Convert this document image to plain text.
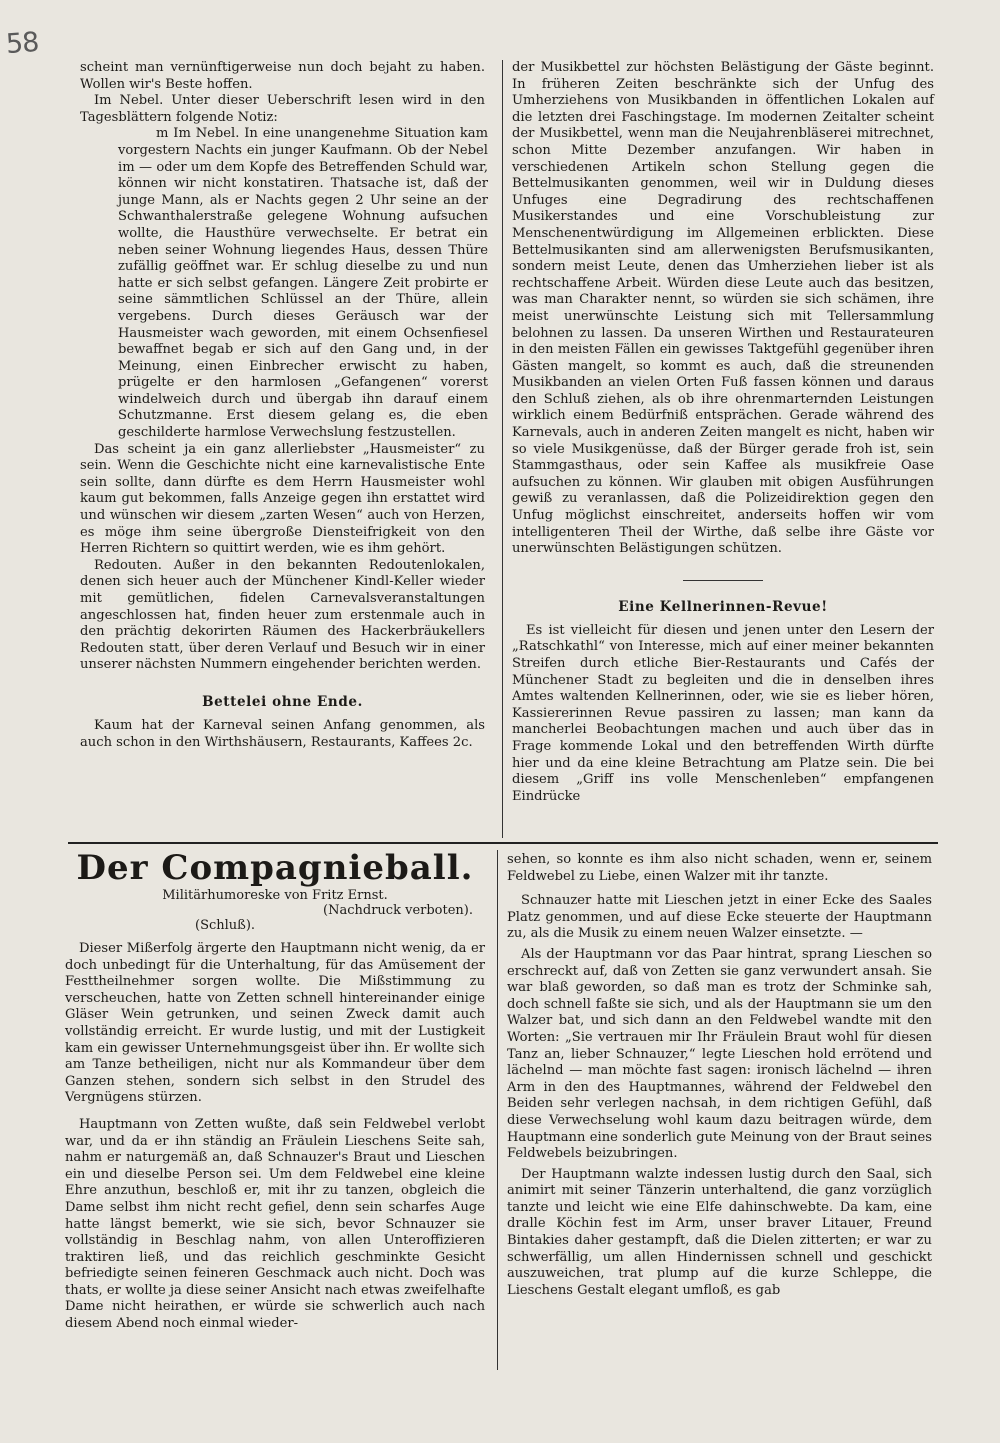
58

scheint man vernünftigerweise nun doch bejaht zu haben. Wollen wir's Beste hoffen.

Im Nebel. Unter dieser Ueberschrift lesen wird in den Tagesblättern folgende Notiz:

m Im Nebel. In eine unangenehme Situation kam vorgestern Nachts ein junger Kaufmann. Ob der Nebel im — oder um dem Kopfe des Betreffenden Schuld war, können wir nicht konstatiren. Thatsache ist, daß der junge Mann, als er Nachts gegen 2 Uhr seine an der Schwanthalerstraße gelegene Wohnung aufsuchen wollte, die Hausthüre verwechselte. Er betrat ein neben seiner Wohnung liegendes Haus, dessen Thüre zufällig geöffnet war. Er schlug dieselbe zu und nun hatte er sich selbst gefangen. Längere Zeit probirte er seine sämmtlichen Schlüssel an der Thüre, allein vergebens. Durch dieses Geräusch war der Hausmeister wach geworden, mit einem Ochsenfiesel bewaffnet begab er sich auf den Gang und, in der Meinung, einen Einbrecher erwischt zu haben, prügelte er den harmlosen „Gefangenen“ vorerst windelweich durch und übergab ihn darauf einem Schutzmanne. Erst diesem gelang es, die eben geschilderte harmlose Verwechslung festzustellen.

Das scheint ja ein ganz allerliebster „Hausmeister“ zu sein. Wenn die Geschichte nicht eine karnevalistische Ente sein sollte, dann dürfte es dem Herrn Hausmeister wohl kaum gut bekommen, falls Anzeige gegen ihn erstattet wird und wünschen wir diesem „zarten Wesen“ auch von Herzen, es möge ihm seine übergroße Diensteifrigkeit von den Herren Richtern so quittirt werden, wie es ihm gehört.

Redouten. Außer in den bekannten Redoutenlokalen, denen sich heuer auch der Münchener Kindl-Keller wieder mit gemütlichen, fidelen Carnevalsveranstaltungen angeschlossen hat, finden heuer zum erstenmale auch in den prächtig dekorirten Räumen des Hackerbräukellers Redouten statt, über deren Verlauf und Besuch wir in einer unserer nächsten Nummern eingehender berichten werden.

Bettelei ohne Ende.

Kaum hat der Karneval seinen Anfang genommen, als auch schon in den Wirthshäusern, Restaurants, Kaffees 2c.

der Musikbettel zur höchsten Belästigung der Gäste beginnt. In früheren Zeiten beschränkte sich der Unfug des Umherziehens von Musikbanden in öffentlichen Lokalen auf die letzten drei Faschingstage. Im modernen Zeitalter scheint der Musikbettel, wenn man die Neujahrenbläserei mitrechnet, schon Mitte Dezember anzufangen. Wir haben in verschiedenen Artikeln schon Stellung gegen die Bettelmusikanten genommen, weil wir in Duldung dieses Unfuges eine Degradirung des rechtschaffenen Musikerstandes und eine Vorschubleistung zur Menschenentwürdigung im Allgemeinen erblickten. Diese Bettelmusikanten sind am allerwenigsten Berufsmusikanten, sondern meist Leute, denen das Umherziehen lieber ist als rechtschaffene Arbeit. Würden diese Leute auch das besitzen, was man Charakter nennt, so würden sie sich schämen, ihre meist unerwünschte Leistung sich mit Tellersammlung belohnen zu lassen. Da unseren Wirthen und Restaurateuren in den meisten Fällen ein gewisses Taktgefühl gegenüber ihren Gästen mangelt, so kommt es auch, daß die streunenden Musikbanden an vielen Orten Fuß fassen können und daraus den Schluß ziehen, als ob ihre ohrenmarternden Leistungen wirklich einem Bedürfniß entsprächen. Gerade während des Karnevals, auch in anderen Zeiten mangelt es nicht, haben wir so viele Musikgenüsse, daß der Bürger gerade froh ist, sein Stammgasthaus, oder sein Kaffee als musikfreie Oase aufsuchen zu können. Wir glauben mit obigen Ausführungen gewiß zu veranlassen, daß die Polizeidirektion gegen den Unfug möglichst einschreitet, anderseits hoffen wir vom intelligenteren Theil der Wirthe, daß selbe ihre Gäste vor unerwünschten Belästigungen schützen.

Eine Kellnerinnen-Revue!

Es ist vielleicht für diesen und jenen unter den Lesern der „Ratschkathl“ von Interesse, mich auf einer meiner bekannten Streifen durch etliche Bier-Restaurants und Cafés der Münchener Stadt zu begleiten und die in denselben ihres Amtes waltenden Kellnerinnen, oder, wie sie es lieber hören, Kassiererinnen Revue passiren zu lassen; man kann da mancherlei Beobachtungen machen und auch über das in Frage kommende Lokal und den betreffenden Wirth dürfte hier und da eine kleine Betrachtung am Platze sein. Die bei diesem „Griff ins volle Menschenleben“ empfangenen Eindrücke

Der Compagnieball.

Militärhumoreske von Fritz Ernst.

(Nachdruck verboten).

(Schluß).

Dieser Mißerfolg ärgerte den Hauptmann nicht wenig, da er doch unbedingt für die Unterhaltung, für das Amüsement der Festtheilnehmer sorgen wollte. Die Mißstimmung zu verscheuchen, hatte von Zetten schnell hintereinander einige Gläser Wein getrunken, und seinen Zweck damit auch vollständig erreicht. Er wurde lustig, und mit der Lustigkeit kam ein gewisser Unternehmungsgeist über ihn. Er wollte sich am Tanze betheiligen, nicht nur als Kommandeur über dem Ganzen stehen, sondern sich selbst in den Strudel des Vergnügens stürzen.

Hauptmann von Zetten wußte, daß sein Feldwebel verlobt war, und da er ihn ständig an Fräulein Lieschens Seite sah, nahm er naturgemäß an, daß Schnauzer's Braut und Lieschen ein und dieselbe Person sei. Um dem Feldwebel eine kleine Ehre anzuthun, beschloß er, mit ihr zu tanzen, obgleich die Dame selbst ihm nicht recht gefiel, denn sein scharfes Auge hatte längst bemerkt, wie sie sich, bevor Schnauzer sie vollständig in Beschlag nahm, von allen Unteroffizieren traktiren ließ, und das reichlich geschminkte Gesicht befriedigte seinen feineren Geschmack auch nicht. Doch was thats, er wollte ja diese seiner Ansicht nach etwas zweifelhafte Dame nicht heirathen, er würde sie schwerlich auch nach diesem Abend noch einmal wieder-

sehen, so konnte es ihm also nicht schaden, wenn er, seinem Feldwebel zu Liebe, einen Walzer mit ihr tanzte.

Schnauzer hatte mit Lieschen jetzt in einer Ecke des Saales Platz genommen, und auf diese Ecke steuerte der Hauptmann zu, als die Musik zu einem neuen Walzer einsetzte. —

Als der Hauptmann vor das Paar hintrat, sprang Lieschen so erschreckt auf, daß von Zetten sie ganz verwundert ansah. Sie war blaß geworden, so daß man es trotz der Schminke sah, doch schnell faßte sie sich, und als der Hauptmann sie um den Walzer bat, und sich dann an den Feldwebel wandte mit den Worten: „Sie vertrauen mir Ihr Fräulein Braut wohl für diesen Tanz an, lieber Schnauzer,“ legte Lieschen hold errötend und lächelnd — man möchte fast sagen: ironisch lächelnd — ihren Arm in den des Hauptmannes, während der Feldwebel den Beiden sehr verlegen nachsah, in dem richtigen Gefühl, daß diese Verwechselung wohl kaum dazu beitragen würde, dem Hauptmann eine sonderlich gute Meinung von der Braut seines Feldwebels beizubringen.

Der Hauptmann walzte indessen lustig durch den Saal, sich animirt mit seiner Tänzerin unterhaltend, die ganz vorzüglich tanzte und leicht wie eine Elfe dahinschwebte. Da kam, eine dralle Köchin fest im Arm, unser braver Litauer, Freund Bintakies daher gestampft, daß die Dielen zitterten; er war zu schwerfällig, um allen Hindernissen schnell und geschickt auszuweichen, trat plump auf die kurze Schleppe, die Lieschens Gestalt elegant umfloß, es gab
